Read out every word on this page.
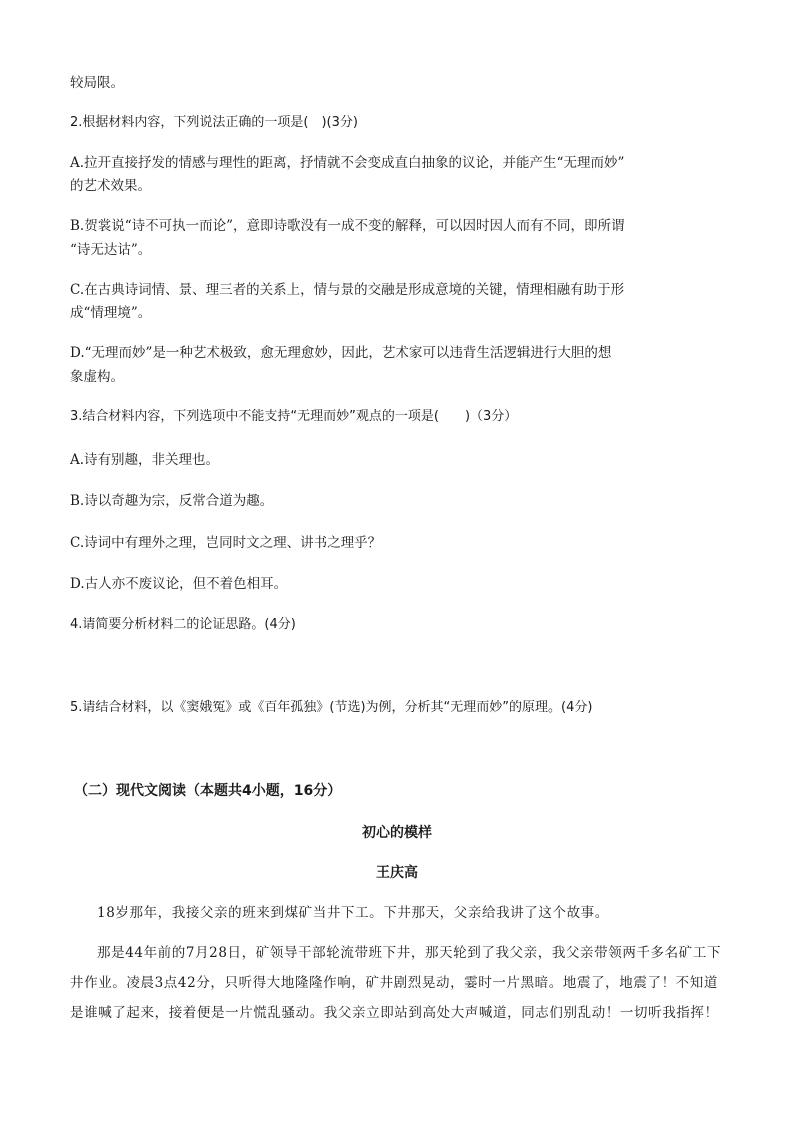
较局限。
2.根据材料内容，下列说法正确的一项是(　)(3分)
A.拉开直接抒发的情感与理性的距离，抒情就不会变成直白抽象的议论，并能产生“无理而妙”
的艺术效果。
B.贺裳说“诗不可执一而论”，意即诗歌没有一成不变的解释，可以因时因人而有不同，即所谓
“诗无达诂”。
C.在古典诗词情、景、理三者的关系上，情与景的交融是形成意境的关键，情理相融有助于形
成“情理境”。
D.“无理而妙”是一种艺术极致，愈无理愈妙，因此，艺术家可以违背生活逻辑进行大胆的想
象虚构。
3.结合材料内容，下列选项中不能支持“无理而妙”观点的一项是(　　)（3分）
A.诗有别趣，非关理也。
B.诗以奇趣为宗，反常合道为趣。
C.诗词中有理外之理，岂同时文之理、讲书之理乎？
D.古人亦不废议论，但不着色相耳。
4.请简要分析材料二的论证思路。(4分)
5.请结合材料，以《窦娥冤》或《百年孤独》(节选)为例，分析其“无理而妙”的原理。(4分)
（二）现代文阅读（本题共4小题，16分）
初心的模样
王庆高
18岁那年，我接父亲的班来到煤矿当井下工。下井那天，父亲给我讲了这个故事。
那是44年前的7月28日，矿领导干部轮流带班下井，那天轮到了我父亲，我父亲带领两千多名矿工下井作业。凌晨3点42分，只听得大地隆隆作响，矿井剧烈晃动，霎时一片黑暗。地震了，地震了！不知道是谁喊了起来，接着便是一片慌乱骚动。我父亲立即站到高处大声喊道，同志们别乱动！一切听我指挥！
